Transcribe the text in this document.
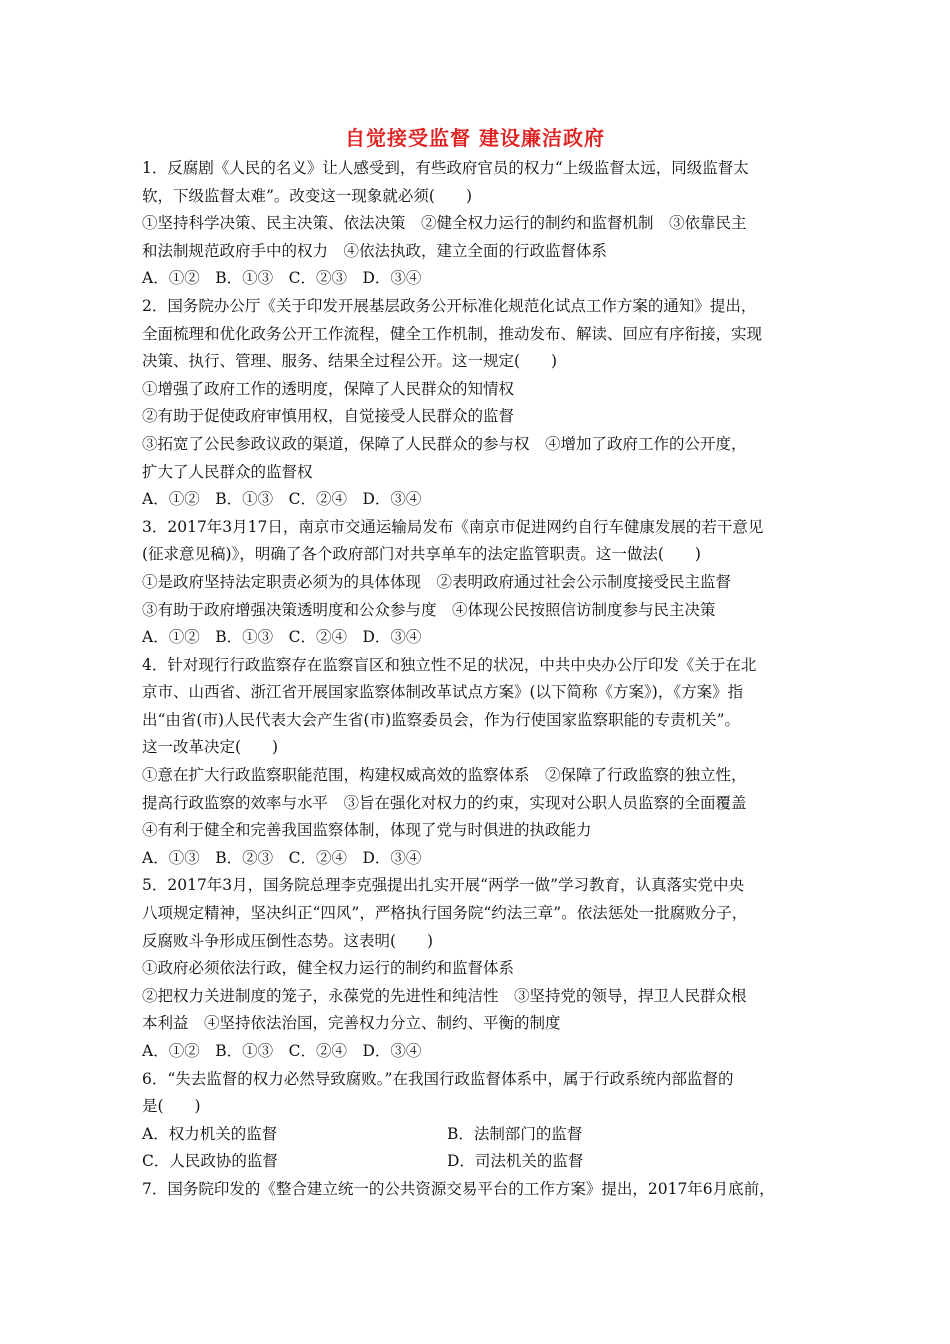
自觉接受监督 建设廉洁政府
1．反腐剧《人民的名义》让人感受到，有些政府官员的权力“上级监督太远，同级监督太
软，下级监督太难”。改变这一现象就必须(　　)
①坚持科学决策、民主决策、依法决策　②健全权力运行的制约和监督机制　③依靠民主
和法制规范政府手中的权力　④依法执政，建立全面的行政监督体系
A．①②　B．①③　C．②③　D．③④
2．国务院办公厅《关于印发开展基层政务公开标准化规范化试点工作方案的通知》提出，
全面梳理和优化政务公开工作流程，健全工作机制，推动发布、解读、回应有序衔接，实现
决策、执行、管理、服务、结果全过程公开。这一规定(　　)
①增强了政府工作的透明度，保障了人民群众的知情权
②有助于促使政府审慎用权，自觉接受人民群众的监督
③拓宽了公民参政议政的渠道，保障了人民群众的参与权　④增加了政府工作的公开度，
扩大了人民群众的监督权
A．①②　B．①③　C．②④　D．③④
3．2017年3月17日，南京市交通运输局发布《南京市促进网约自行车健康发展的若干意见
(征求意见稿)》，明确了各个政府部门对共享单车的法定监管职责。这一做法(　　)
①是政府坚持法定职责必须为的具体体现　②表明政府通过社会公示制度接受民主监督
③有助于政府增强决策透明度和公众参与度　④体现公民按照信访制度参与民主决策
A．①②　B．①③　C．②④　D．③④
4．针对现行行政监察存在监察盲区和独立性不足的状况，中共中央办公厅印发《关于在北
京市、山西省、浙江省开展国家监察体制改革试点方案》(以下简称《方案》)，《方案》指
出“由省(市)人民代表大会产生省(市)监察委员会，作为行使国家监察职能的专责机关”。
这一改革决定(　　)
①意在扩大行政监察职能范围，构建权威高效的监察体系　②保障了行政监察的独立性，
提高行政监察的效率与水平　③旨在强化对权力的约束，实现对公职人员监察的全面覆盖
④有利于健全和完善我国监察体制，体现了党与时俱进的执政能力
A．①③　B．②③　C．②④　D．③④
5．2017年3月，国务院总理李克强提出扎实开展“两学一做”学习教育，认真落实党中央
八项规定精神，坚决纠正“四风”，严格执行国务院“约法三章”。依法惩处一批腐败分子，
反腐败斗争形成压倒性态势。这表明(　　)
①政府必须依法行政，健全权力运行的制约和监督体系
②把权力关进制度的笼子，永葆党的先进性和纯洁性　③坚持党的领导，捍卫人民群众根
本利益　④坚持依法治国，完善权力分立、制约、平衡的制度
A．①②　B．①③　C．②④　D．③④
6．“失去监督的权力必然导致腐败。”在我国行政监督体系中，属于行政系统内部监督的
是(　　)
A．权力机关的监督	B．法制部门的监督
C．人民政协的监督	D．司法机关的监督
7．国务院印发的《整合建立统一的公共资源交易平台的工作方案》提出，2017年6月底前，
